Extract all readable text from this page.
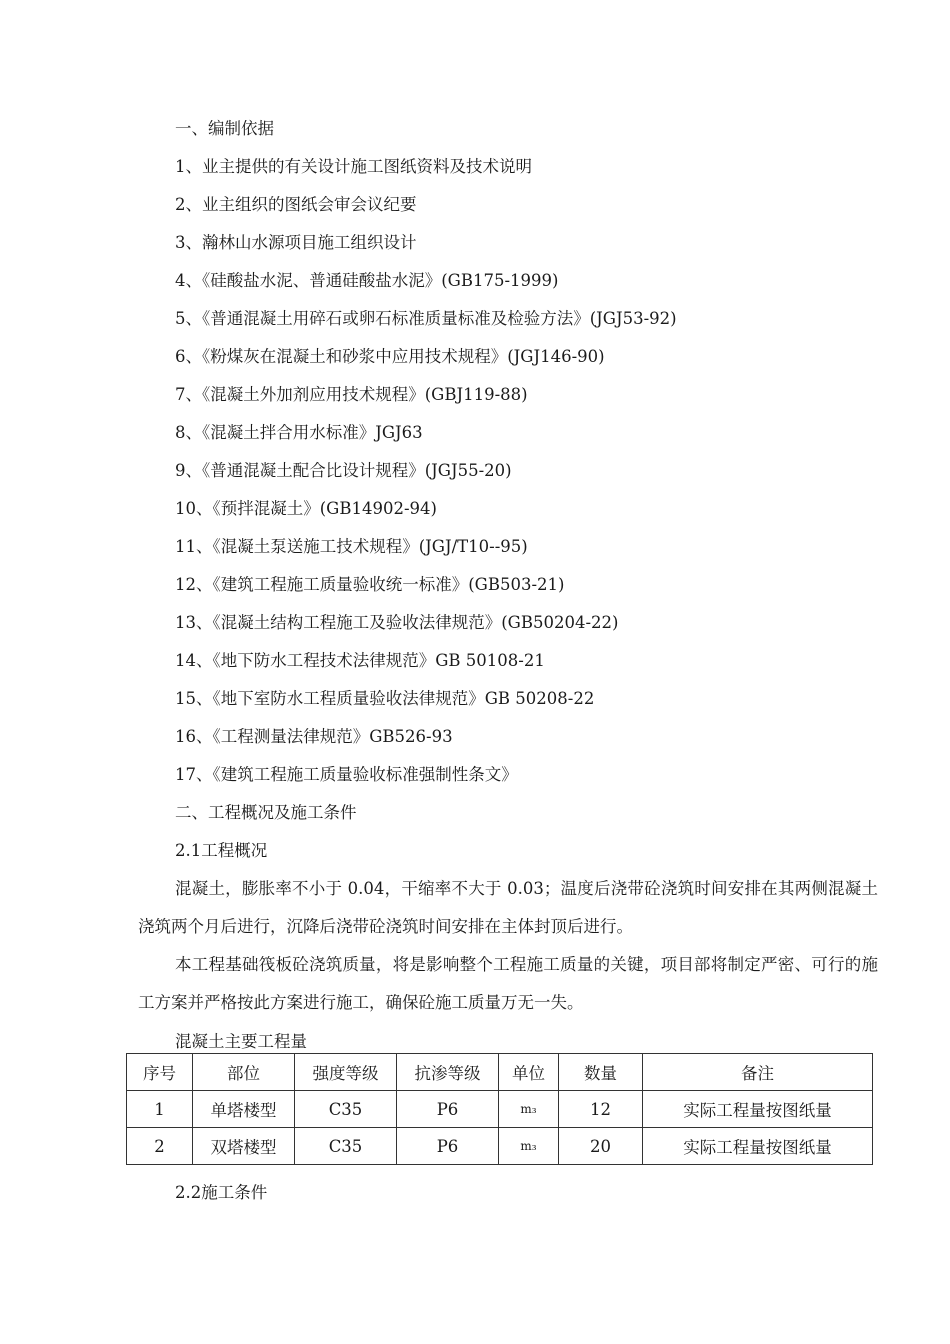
一、编制依据
1、业主提供的有关设计施工图纸资料及技术说明
2、业主组织的图纸会审会议纪要
3、瀚林山水源项目施工组织设计
4、《硅酸盐水泥、普通硅酸盐水泥》(GB175-1999)
5、《普通混凝土用碎石或卵石标准质量标准及检验方法》(JGJ53-92)
6、《粉煤灰在混凝土和砂浆中应用技术规程》(JGJ146-90)
7、《混凝土外加剂应用技术规程》(GBJ119-88)
8、《混凝土拌合用水标准》JGJ63
9、《普通混凝土配合比设计规程》(JGJ55-20)
10、《预拌混凝土》(GB14902-94)
11、《混凝土泵送施工技术规程》(JGJ/T10--95)
12、《建筑工程施工质量验收统一标准》(GB503-21)
13、《混凝土结构工程施工及验收法律规范》(GB50204-22)
14、《地下防水工程技术法律规范》GB 50108-21
15、《地下室防水工程质量验收法律规范》GB 50208-22
16、《工程测量法律规范》GB526-93
17、《建筑工程施工质量验收标准强制性条文》
二、工程概况及施工条件
2.1工程概况
混凝土，膨胀率不小于 0.04，干缩率不大于 0.03；温度后浇带砼浇筑时间安排在其两侧混凝土浇筑两个月后进行，沉降后浇带砼浇筑时间安排在主体封顶后进行。
本工程基础筏板砼浇筑质量，将是影响整个工程施工质量的关键，项目部将制定严密、可行的施工方案并严格按此方案进行施工，确保砼施工质量万无一失。
混凝土主要工程量
序号	部位	强度等级	抗渗等级	单位	数量	备注
1	单塔楼型	C35	P6	m₃	12	实际工程量按图纸量
2	双塔楼型	C35	P6	m₃	20	实际工程量按图纸量
2.2施工条件
